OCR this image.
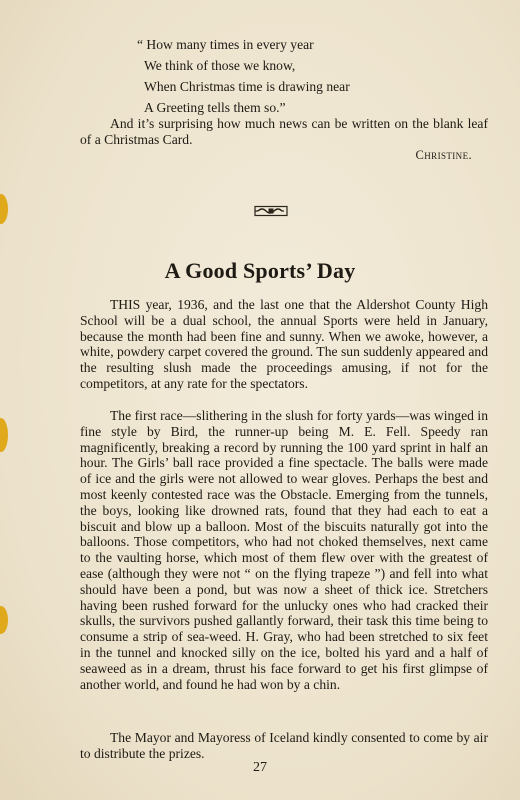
“ How many times in every year
We think of those we know,
When Christmas time is drawing near
A Greeting tells them so.”

And it’s surprising how much news can be written on the blank leaf of a Christmas Card.

Christine.

A Good Sports’ Day

THIS year, 1936, and the last one that the Aldershot County High School will be a dual school, the annual Sports were held in January, because the month had been fine and sunny. When we awoke, however, a white, powdery carpet covered the ground. The sun suddenly appeared and the resulting slush made the proceedings amusing, if not for the competitors, at any rate for the spectators.

The first race—slithering in the slush for forty yards—was winged in fine style by Bird, the runner-up being M. E. Fell. Speedy ran magnificently, breaking a record by running the 100 yard sprint in half an hour. The Girls’ ball race provided a fine spectacle. The balls were made of ice and the girls were not allowed to wear gloves. Perhaps the best and most keenly contested race was the Obstacle. Emerging from the tunnels, the boys, looking like drowned rats, found that they had each to eat a biscuit and blow up a balloon. Most of the biscuits naturally got into the balloons. Those competitors, who had not choked themselves, next came to the vaulting horse, which most of them flew over with the greatest of ease (although they were not “ on the flying trapeze ”) and fell into what should have been a pond, but was now a sheet of thick ice. Stretchers having been rushed forward for the unlucky ones who had cracked their skulls, the survivors pushed gallantly forward, their task this time being to consume a strip of sea-weed. H. Gray, who had been stretched to six feet in the tunnel and knocked silly on the ice, bolted his yard and a half of seaweed as in a dream, thrust his face forward to get his first glimpse of another world, and found he had won by a chin.

The Mayor and Mayoress of Iceland kindly consented to come by air to distribute the prizes.

27
